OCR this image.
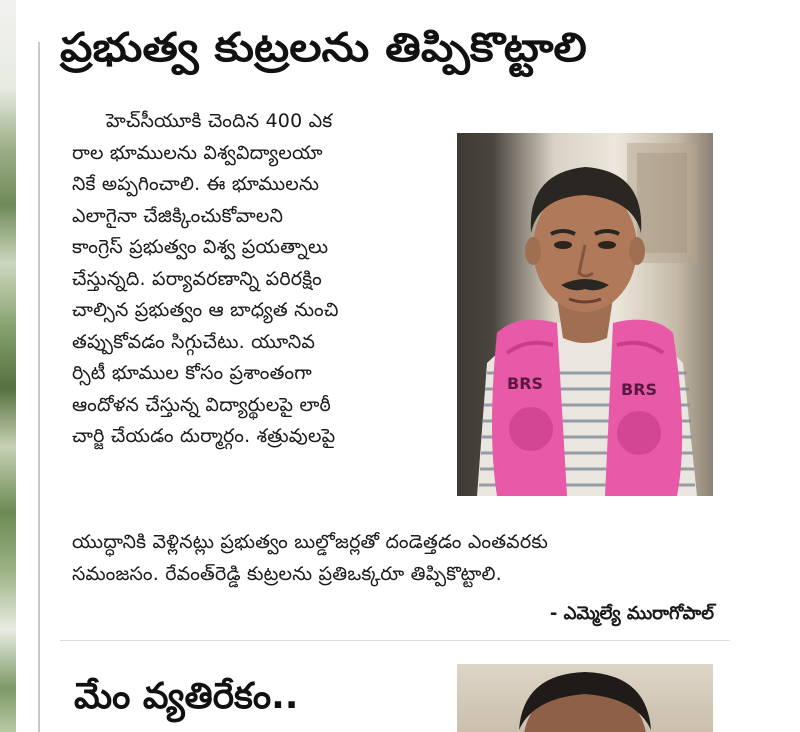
ప్రభుత్వ కుట్రలను తిప్పికొట్టాలి
హెచ్‌సీయూకి చెందిన 400 ఎక
రాల భూములను విశ్వవిద్యాలయా
నికే అప్పగించాలి. ఈ భూములను
ఎలాగైనా చేజిక్కించుకోవాలని
కాంగ్రెస్ ప్రభుత్వం విశ్వ ప్రయత్నాలు
చేస్తున్నది. పర్యావరణాన్ని పరిరక్షిం
చాల్సిన ప్రభుత్వం ఆ బాధ్యత నుంచి
తప్పుకోవడం సిగ్గుచేటు. యూనివ
ర్సిటీ భూముల కోసం ప్రశాంతంగా
ఆందోళన చేస్తున్న విద్యార్థులపై లాఠీ
చార్జి చేయడం దుర్మార్గం. శత్రువులపై
BRS	BRS
యుద్ధానికి వెళ్లినట్లు ప్రభుత్వం బుల్డోజర్లతో దండెత్తడం ఎంతవరకు
సమంజసం. రేవంత్‌రెడ్డి కుట్రలను ప్రతిఒక్కరూ తిప్పికొట్టాలి.

- ఎమ్మెల్యే మురాగోపాల్

మేం వ్యతిరేకం..
